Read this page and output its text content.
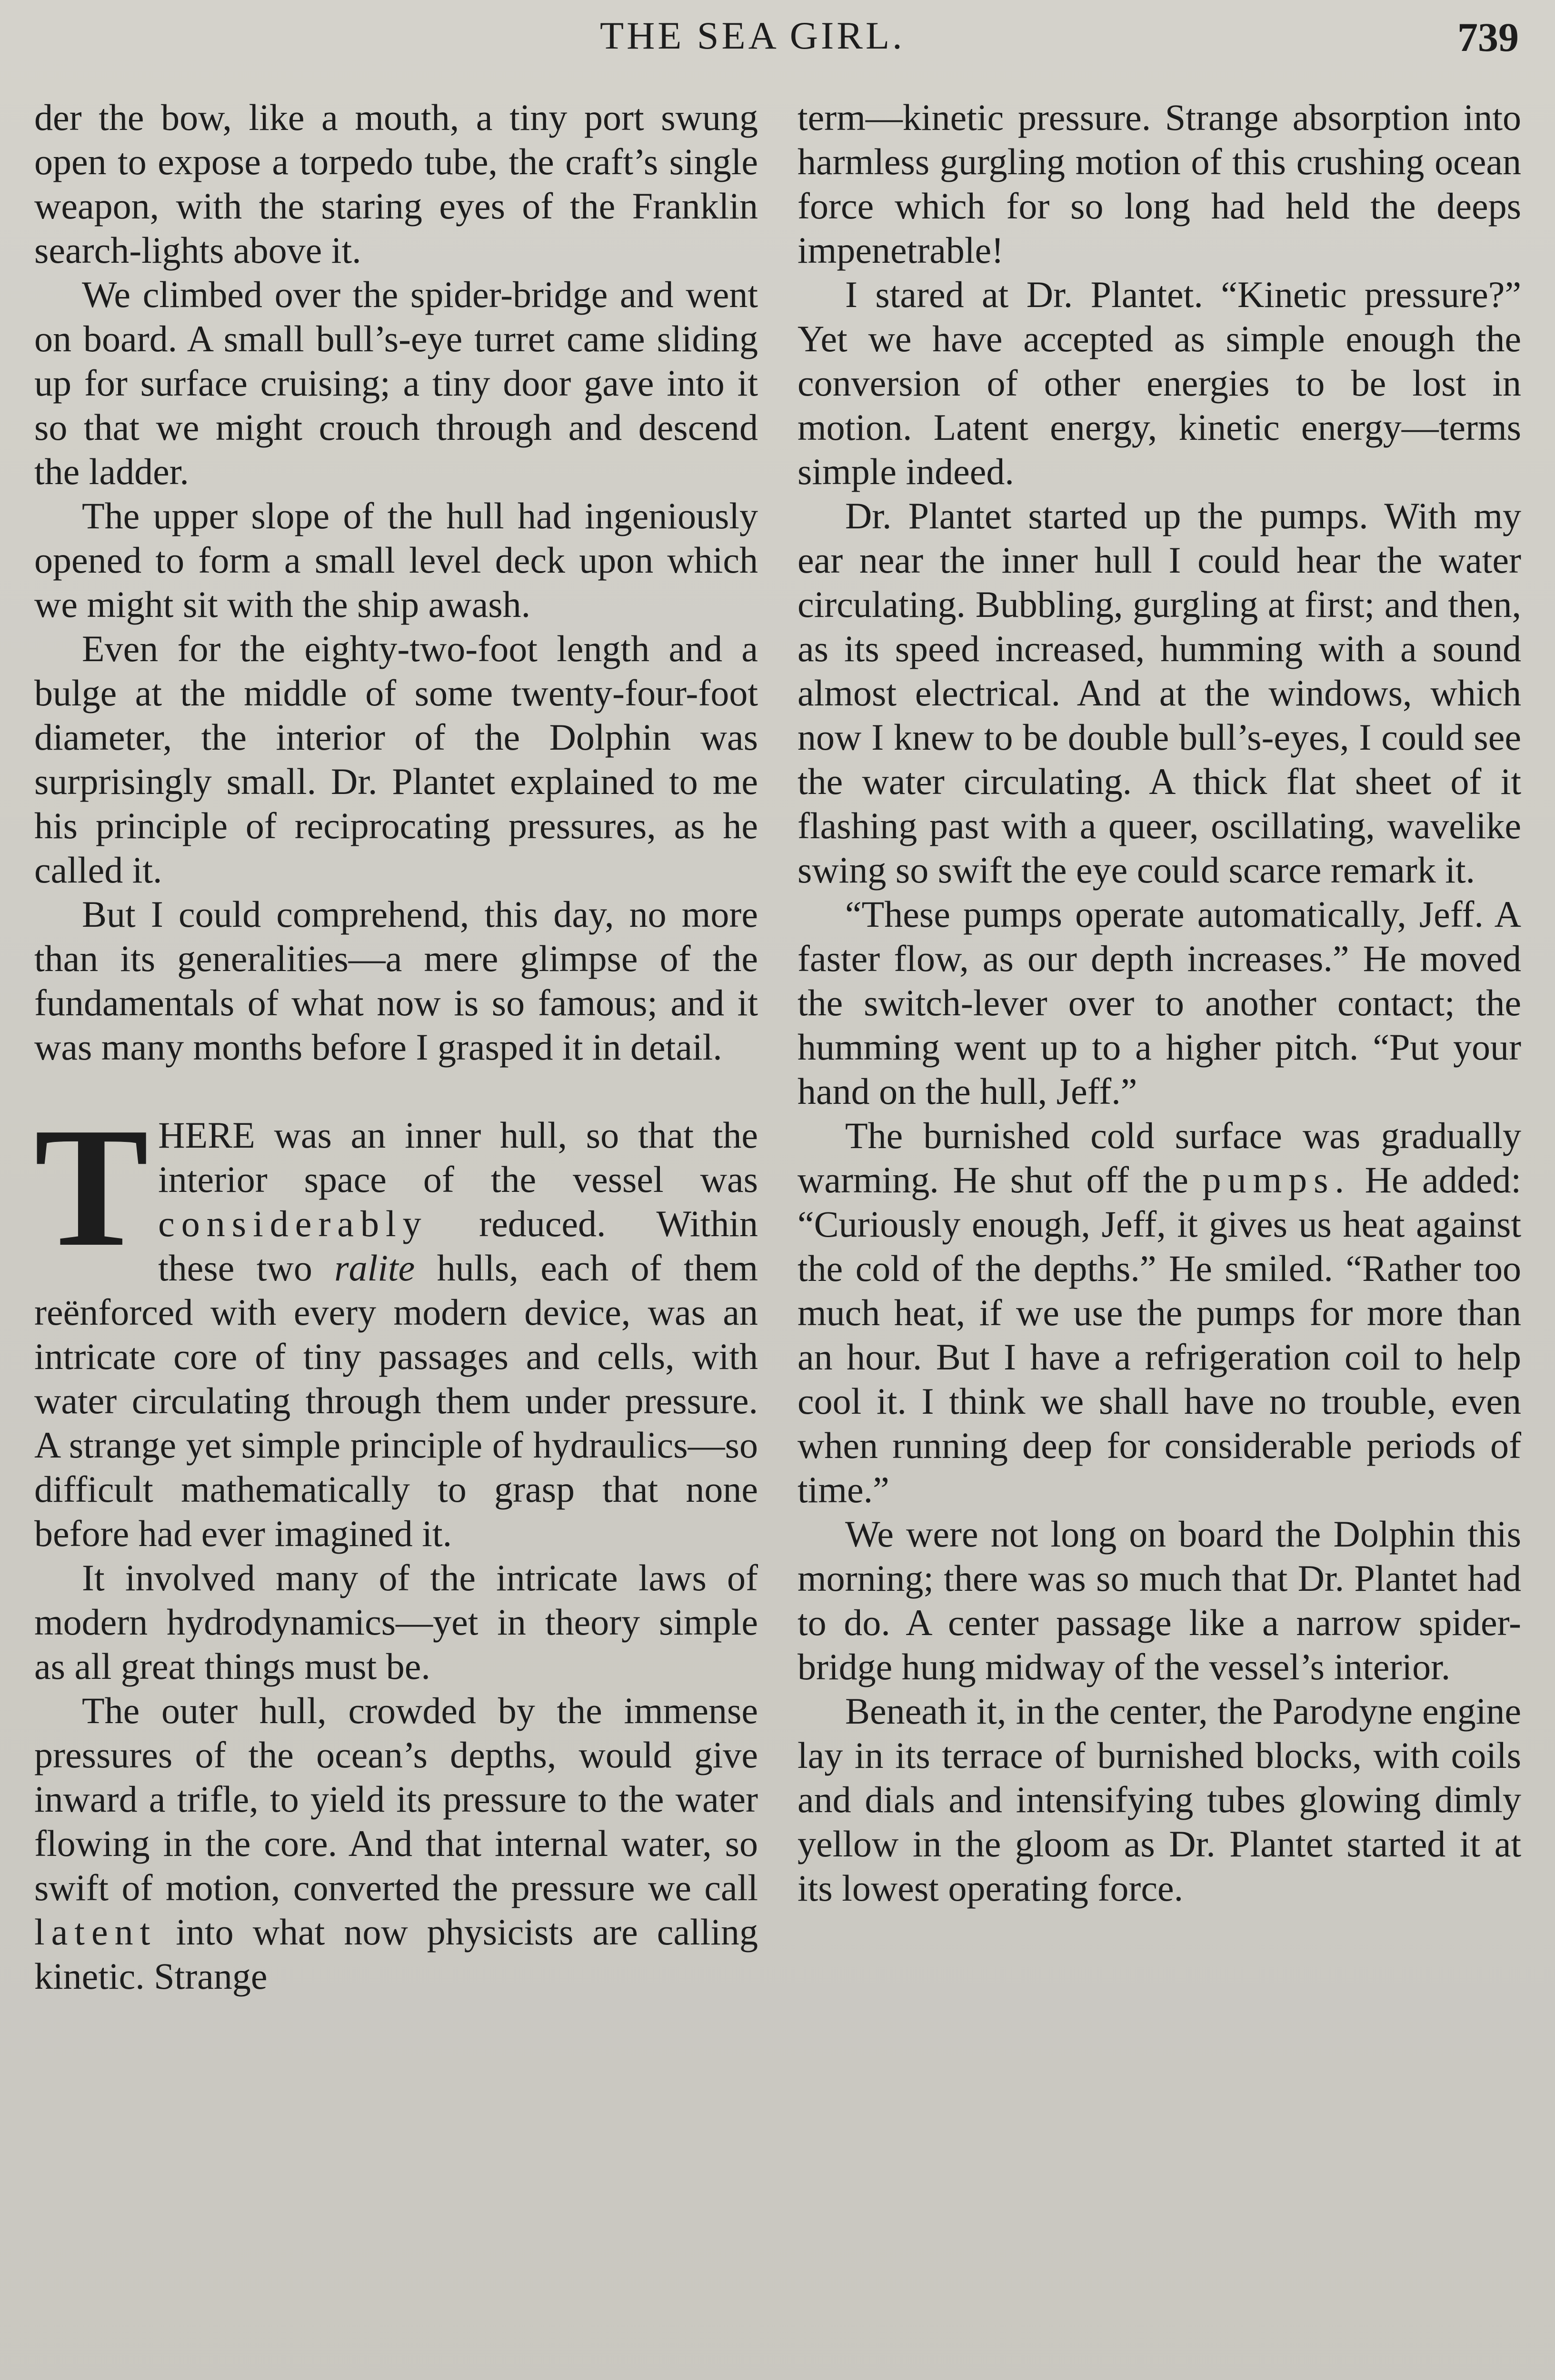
THE SEA GIRL.	739

der the bow, like a mouth, a tiny port swung open to expose a torpedo tube, the craft’s single weapon, with the staring eyes of the Franklin search-lights above it.

We climbed over the spider-bridge and went on board. A small bull’s-eye turret came sliding up for surface cruising; a tiny door gave into it so that we might crouch through and descend the ladder.

The upper slope of the hull had ingeniously opened to form a small level deck upon which we might sit with the ship awash.

Even for the eighty-two-foot length and a bulge at the middle of some twenty-four-foot diameter, the interior of the Dolphin was surprisingly small. Dr. Plantet explained to me his principle of reciprocating pressures, as he called it.

But I could comprehend, this day, no more than its generalities—a mere glimpse of the fundamentals of what now is so famous; and it was many months before I grasped it in detail.

THERE was an inner hull, so that the interior space of the vessel was considerably reduced. Within these two ralite hulls, each of them reënforced with every modern device, was an intricate core of tiny passages and cells, with water circulating through them under pressure. A strange yet simple principle of hydraulics—so difficult mathematically to grasp that none before had ever imagined it.

It involved many of the intricate laws of modern hydrodynamics—yet in theory simple as all great things must be.

The outer hull, crowded by the immense pressures of the ocean’s depths, would give inward a trifle, to yield its pressure to the water flowing in the core. And that internal water, so swift of motion, converted the pressure we call latent into what now physicists are calling kinetic. Strange

term—kinetic pressure. Strange absorption into harmless gurgling motion of this crushing ocean force which for so long had held the deeps impenetrable!

I stared at Dr. Plantet. “Kinetic pressure?” Yet we have accepted as simple enough the conversion of other energies to be lost in motion. Latent energy, kinetic energy—terms simple indeed.

Dr. Plantet started up the pumps. With my ear near the inner hull I could hear the water circulating. Bubbling, gurgling at first; and then, as its speed increased, humming with a sound almost electrical. And at the windows, which now I knew to be double bull’s-eyes, I could see the water circulating. A thick flat sheet of it flashing past with a queer, oscillating, wavelike swing so swift the eye could scarce remark it.

“These pumps operate automatically, Jeff. A faster flow, as our depth increases.” He moved the switch-lever over to another contact; the humming went up to a higher pitch. “Put your hand on the hull, Jeff.”

The burnished cold surface was gradually warming. He shut off the pumps. He added: “Curiously enough, Jeff, it gives us heat against the cold of the depths.” He smiled. “Rather too much heat, if we use the pumps for more than an hour. But I have a refrigeration coil to help cool it. I think we shall have no trouble, even when running deep for considerable periods of time.”

We were not long on board the Dolphin this morning; there was so much that Dr. Plantet had to do. A center passage like a narrow spider-bridge hung midway of the vessel’s interior.

Beneath it, in the center, the Parodyne engine lay in its terrace of burnished blocks, with coils and dials and intensifying tubes glowing dimly yellow in the gloom as Dr. Plantet started it at its lowest operating force.
